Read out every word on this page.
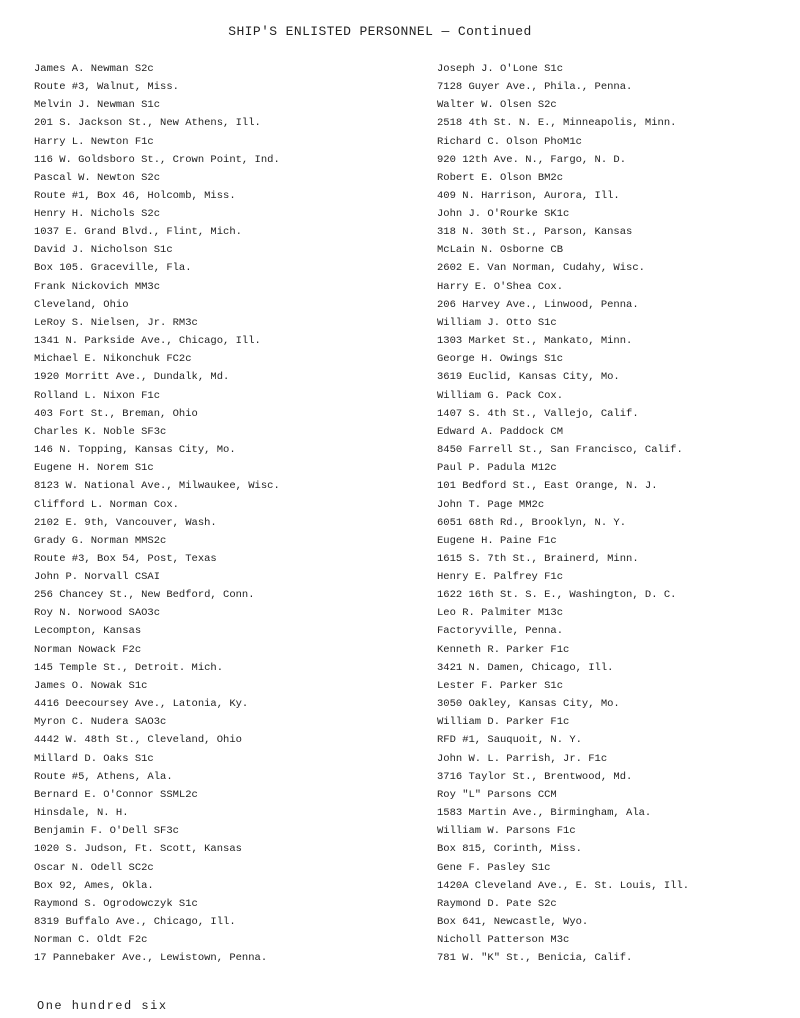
SHIP'S ENLISTED PERSONNEL — Continued
James A. Newman S2c
Route #3, Walnut, Miss.
Melvin J. Newman S1c
201 S. Jackson St., New Athens, Ill.
Harry L. Newton F1c
116 W. Goldsboro St., Crown Point, Ind.
Pascal W. Newton S2c
Route #1, Box 46, Holcomb, Miss.
Henry H. Nichols S2c
1037 E. Grand Blvd., Flint, Mich.
David J. Nicholson S1c
Box 105. Graceville, Fla.
Frank Nickovich MM3c
Cleveland, Ohio
LeRoy S. Nielsen, Jr. RM3c
1341 N. Parkside Ave., Chicago, Ill.
Michael E. Nikonchuk FC2c
1920 Morritt Ave., Dundalk, Md.
Rolland L. Nixon F1c
403 Fort St., Breman, Ohio
Charles K. Noble SF3c
146 N. Topping, Kansas City, Mo.
Eugene H. Norem S1c
8123 W. National Ave., Milwaukee, Wisc.
Clifford L. Norman Cox.
2102 E. 9th, Vancouver, Wash.
Grady G. Norman MMS2c
Route #3, Box 54, Post, Texas
John P. Norvall CSAI
256 Chancey St., New Bedford, Conn.
Roy N. Norwood SAO3c
Lecompton, Kansas
Norman Nowack F2c
145 Temple St., Detroit. Mich.
James O. Nowak S1c
4416 Deecoursey Ave., Latonia, Ky.
Myron C. Nudera SAO3c
4442 W. 48th St., Cleveland, Ohio
Millard D. Oaks S1c
Route #5, Athens, Ala.
Bernard E. O'Connor SSML2c
Hinsdale, N. H.
Benjamin F. O'Dell SF3c
1020 S. Judson, Ft. Scott, Kansas
Oscar N. Odell SC2c
Box 92, Ames, Okla.
Raymond S. Ogrodowczyk S1c
8319 Buffalo Ave., Chicago, Ill.
Norman C. Oldt F2c
17 Pannebaker Ave., Lewistown, Penna.
Joseph J. O'Lone S1c
7128 Guyer Ave., Phila., Penna.
Walter W. Olsen S2c
2518 4th St. N. E., Minneapolis, Minn.
Richard C. Olson PhoM1c
920 12th Ave. N., Fargo, N. D.
Robert E. Olson BM2c
409 N. Harrison, Aurora, Ill.
John J. O'Rourke SK1c
318 N. 30th St., Parson, Kansas
McLain N. Osborne CB
2602 E. Van Norman, Cudahy, Wisc.
Harry E. O'Shea Cox.
206 Harvey Ave., Linwood, Penna.
William J. Otto S1c
1303 Market St., Mankato, Minn.
George H. Owings S1c
3619 Euclid, Kansas City, Mo.
William G. Pack Cox.
1407 S. 4th St., Vallejo, Calif.
Edward A. Paddock CM
8450 Farrell St., San Francisco, Calif.
Paul P. Padula M12c
101 Bedford St., East Orange, N. J.
John T. Page MM2c
6051 68th Rd., Brooklyn, N. Y.
Eugene H. Paine F1c
1615 S. 7th St., Brainerd, Minn.
Henry E. Palfrey F1c
1622 16th St. S. E., Washington, D. C.
Leo R. Palmiter M13c
Factoryville, Penna.
Kenneth R. Parker F1c
3421 N. Damen, Chicago, Ill.
Lester F. Parker S1c
3050 Oakley, Kansas City, Mo.
William D. Parker F1c
RFD #1, Sauquoit, N. Y.
John W. L. Parrish, Jr. F1c
3716 Taylor St., Brentwood, Md.
Roy "L" Parsons CCM
1583 Martin Ave., Birmingham, Ala.
William W. Parsons F1c
Box 815, Corinth, Miss.
Gene F. Pasley S1c
1420A Cleveland Ave., E. St. Louis, Ill.
Raymond D. Pate S2c
Box 641, Newcastle, Wyo.
Nicholl Patterson M3c
781 W. "K" St., Benicia, Calif.
One hundred six
